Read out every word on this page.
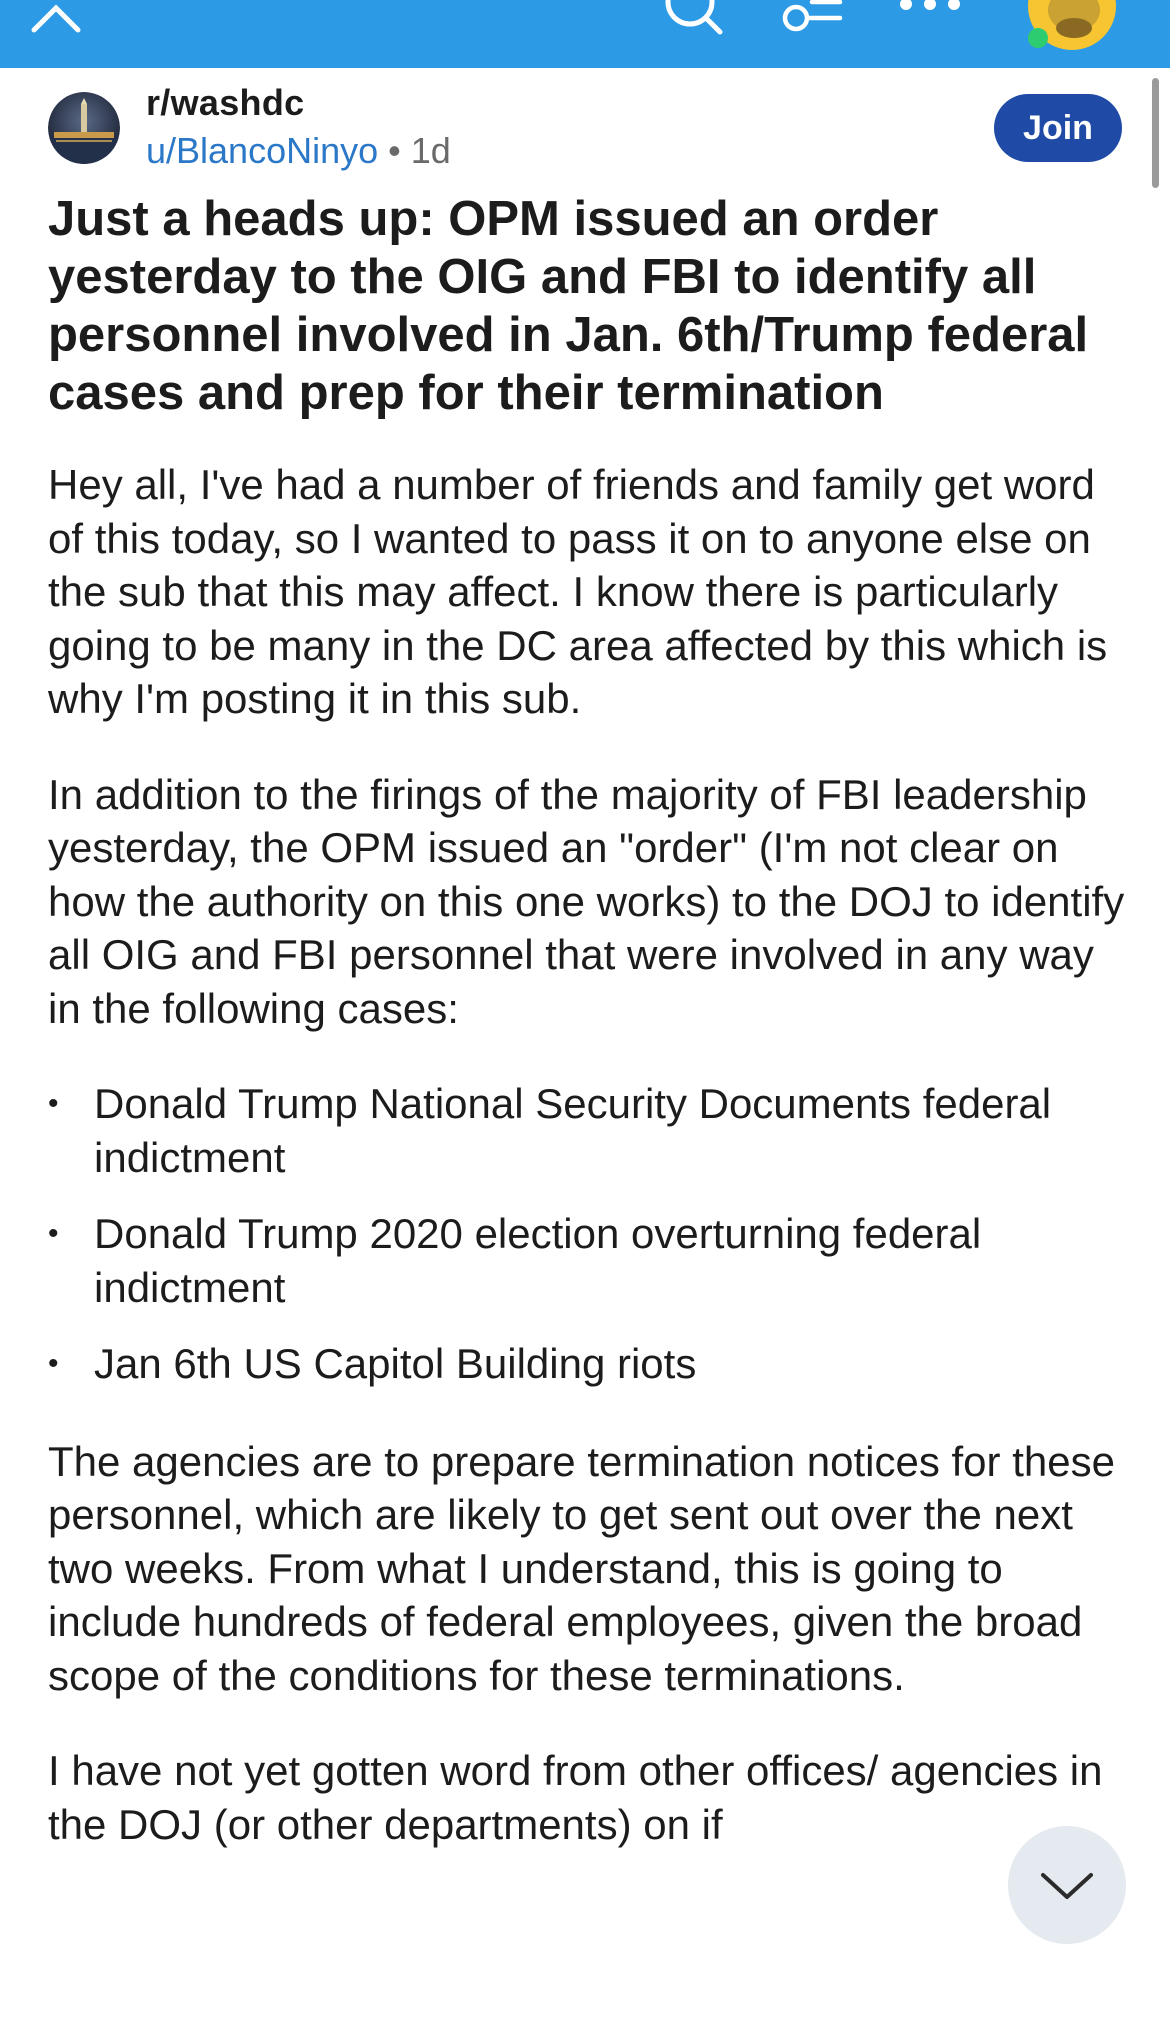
r/washdc
u/BlancoNinyo • 1d
Join
Just a heads up: OPM issued an order yesterday to the OIG and FBI to identify all personnel involved in Jan. 6th/Trump federal cases and prep for their termination

Hey all, I've had a number of friends and family get word of this today, so I wanted to pass it on to anyone else on the sub that this may affect. I know there is particularly going to be many in the DC area affected by this which is why I'm posting it in this sub.

In addition to the firings of the majority of FBI leadership yesterday, the OPM issued an "order" (I'm not clear on how the authority on this one works) to the DOJ to identify all OIG and FBI personnel that were involved in any way in the following cases:

• Donald Trump National Security Documents federal indictment
• Donald Trump 2020 election overturning federal indictment
• Jan 6th US Capitol Building riots

The agencies are to prepare termination notices for these personnel, which are likely to get sent out over the next two weeks. From what I understand, this is going to include hundreds of federal employees, given the broad scope of the conditions for these terminations.

I have not yet gotten word from other offices/ agencies in the DOJ (or other departments) on if
